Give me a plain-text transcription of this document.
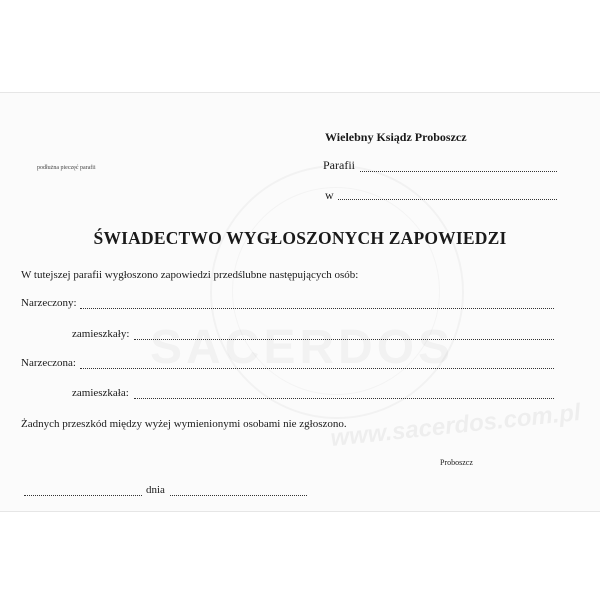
www.sacerdos.com.pl
Wielebny Ksiądz Proboszcz
podłużna pieczęć parafii	Parafii
w
ŚWIADECTWO WYGŁOSZONYCH ZAPOWIEDZI
W tutejszej parafii wygłoszono zapowiedzi przedślubne następujących osób:
Narzeczony:
zamieszkały:
Narzeczona:
zamieszkała:
Żadnych przeszkód między wyżej wymienionymi osobami nie zgłoszono.
Proboszcz
dnia
